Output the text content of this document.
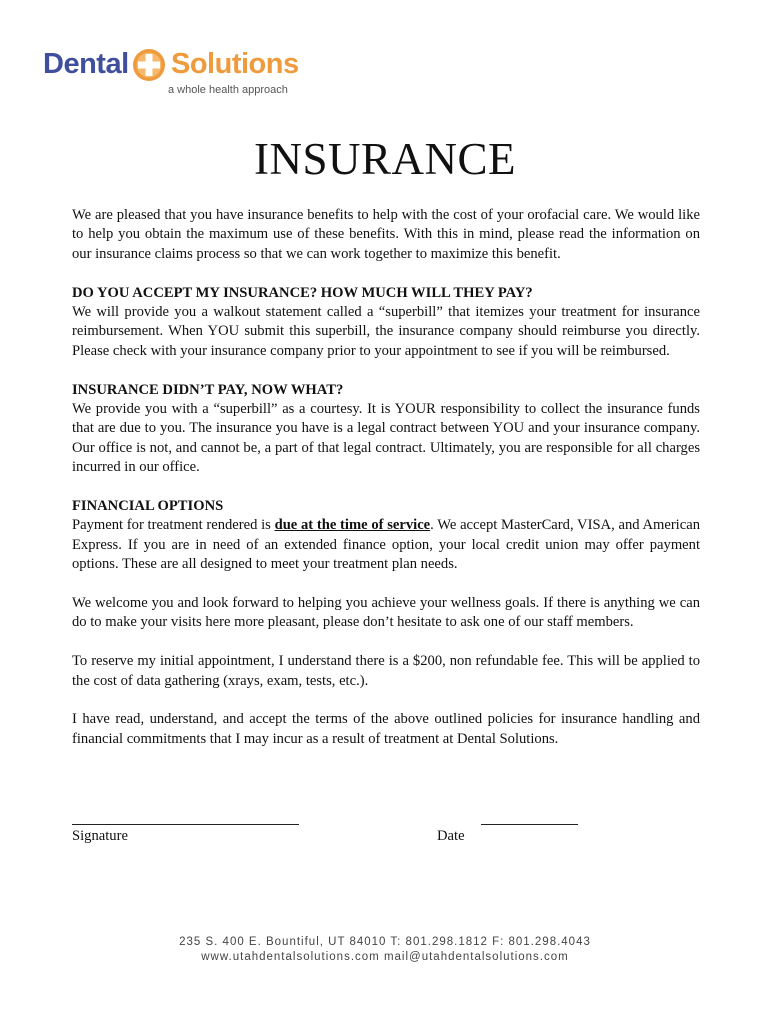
Dental Solutions
a whole health approach
INSURANCE

We are pleased that you have insurance benefits to help with the cost of your orofacial care. We would like to help you obtain the maximum use of these benefits. With this in mind, please read the information on our insurance claims process so that we can work together to maximize this benefit.

DO YOU ACCEPT MY INSURANCE? HOW MUCH WILL THEY PAY?
We will provide you a walkout statement called a “superbill” that itemizes your treatment for insurance reimbursement. When YOU submit this superbill, the insurance company should reimburse you directly. Please check with your insurance company prior to your appointment to see if you will be reimbursed.

INSURANCE DIDN’T PAY, NOW WHAT?
We provide you with a “superbill” as a courtesy. It is YOUR responsibility to collect the insurance funds that are due to you. The insurance you have is a legal contract between YOU and your insurance company. Our office is not, and cannot be, a part of that legal contract. Ultimately, you are responsible for all charges incurred in our office.

FINANCIAL OPTIONS
Payment for treatment rendered is due at the time of service. We accept MasterCard, VISA, and American Express. If you are in need of an extended finance option, your local credit union may offer payment options. These are all designed to meet your treatment plan needs.

We welcome you and look forward to helping you achieve your wellness goals. If there is anything we can do to make your visits here more pleasant, please don’t hesitate to ask one of our staff members.

To reserve my initial appointment, I understand there is a $200, non refundable fee. This will be applied to the cost of data gathering (xrays, exam, tests, etc.).

I have read, understand, and accept the terms of the above outlined policies for insurance handling and financial commitments that I may incur as a result of treatment at Dental Solutions.

Signature	Date
235 S. 400 E. Bountiful, UT 84010 T: 801.298.1812 F: 801.298.4043
www.utahdentalsolutions.com mail@utahdentalsolutions.com
